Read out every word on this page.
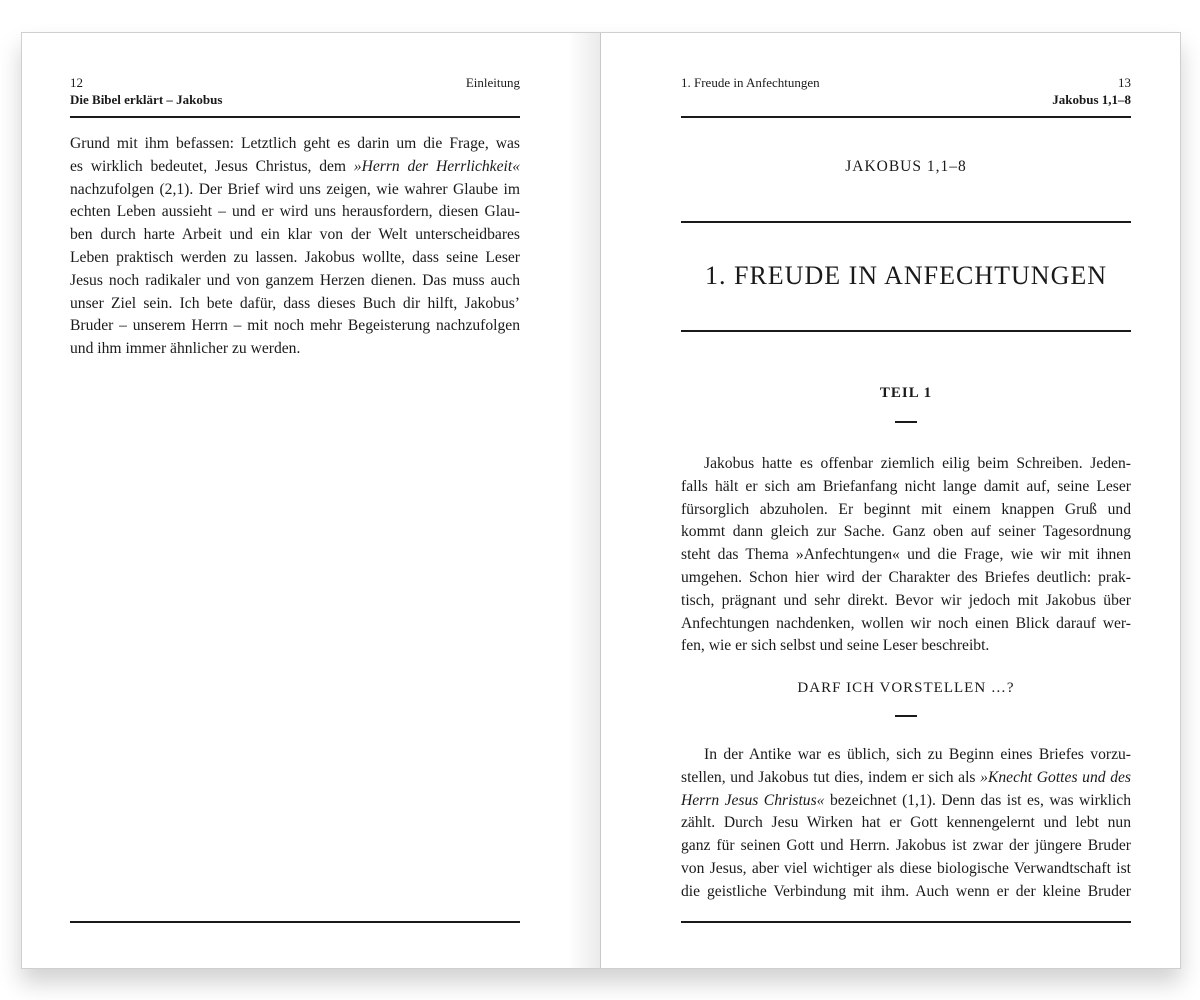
12	Einleitung
Die Bibel erklärt – Jakobus
Grund mit ihm befassen: Letztlich geht es darin um die Frage, was
es wirklich bedeutet, Jesus Christus, dem »Herrn der Herrlichkeit«
nachzufolgen (2,1). Der Brief wird uns zeigen, wie wahrer Glaube im
echten Leben aussieht – und er wird uns herausfordern, diesen Glau-
ben durch harte Arbeit und ein klar von der Welt unterscheidbares
Leben praktisch werden zu lassen. Jakobus wollte, dass seine Leser
Jesus noch radikaler und von ganzem Herzen dienen. Das muss auch
unser Ziel sein. Ich bete dafür, dass dieses Buch dir hilft, Jakobus’
Bruder – unserem Herrn – mit noch mehr Begeisterung nachzufolgen
und ihm immer ähnlicher zu werden.
1. Freude in Anfechtungen	13
Jakobus 1,1–8
JAKOBUS 1,1–8
1. FREUDE IN ANFECHTUNGEN
TEIL 1
Jakobus hatte es offenbar ziemlich eilig beim Schreiben. Jeden-
falls hält er sich am Briefanfang nicht lange damit auf, seine Leser
fürsorglich abzuholen. Er beginnt mit einem knappen Gruß und
kommt dann gleich zur Sache. Ganz oben auf seiner Tagesordnung
steht das Thema »Anfechtungen« und die Frage, wie wir mit ihnen
umgehen. Schon hier wird der Charakter des Briefes deutlich: prak-
tisch, prägnant und sehr direkt. Bevor wir jedoch mit Jakobus über
Anfechtungen nachdenken, wollen wir noch einen Blick darauf wer-
fen, wie er sich selbst und seine Leser beschreibt.
DARF ICH VORSTELLEN …?
In der Antike war es üblich, sich zu Beginn eines Briefes vorzu-
stellen, und Jakobus tut dies, indem er sich als »Knecht Gottes und des
Herrn Jesus Christus« bezeichnet (1,1). Denn das ist es, was wirklich
zählt. Durch Jesu Wirken hat er Gott kennengelernt und lebt nun
ganz für seinen Gott und Herrn. Jakobus ist zwar der jüngere Bruder
von Jesus, aber viel wichtiger als diese biologische Verwandtschaft ist
die geistliche Verbindung mit ihm. Auch wenn er der kleine Bruder
